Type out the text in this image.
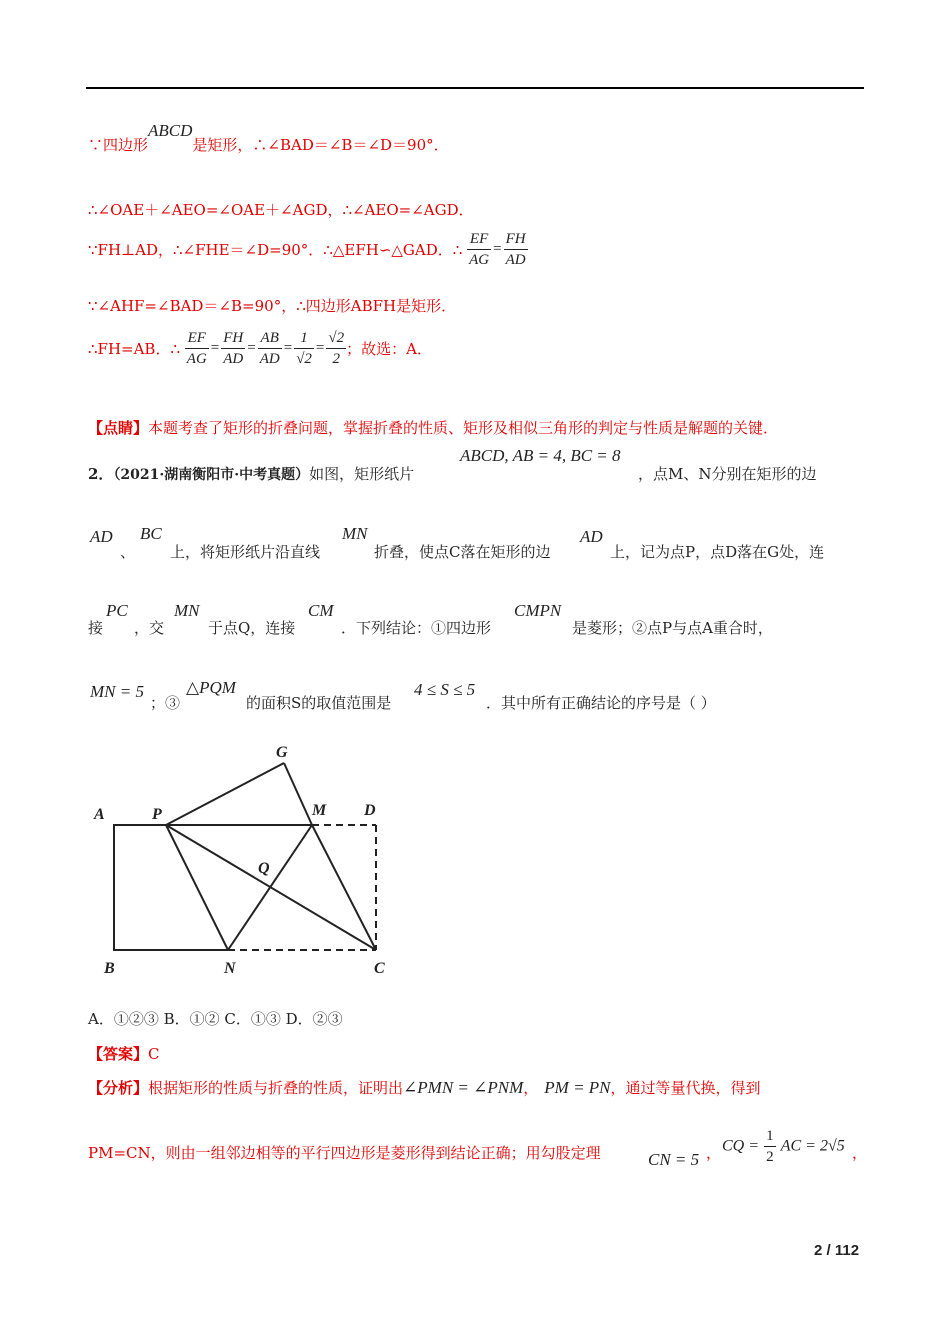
∵四边形ABCD是矩形，∴∠BAD＝∠B＝∠D＝90°．
∴∠OAE＋∠AEO=∠OAE＋∠AGD，∴∠AEO=∠AGD．
∵FH⊥AD，∴∠FHE＝∠D=90°．∴△EFH∽△GAD．∴ $\frac{EF}{AG} = \frac{FH}{AD}$
∵∠AHF=∠BAD＝∠B=90°，∴四边形ABFH是矩形．
∴FH=AB．∴ $\frac{EF}{AG} = \frac{FH}{AD} = \frac{AB}{AD} = \frac{1}{√2} = \frac{√2}{2}$ ；故选：A．
【点睛】本题考查了矩形的折叠问题，掌握折叠的性质、矩形及相似三角形的判定与性质是解题的关键．
2．（2021·湖南衡阳市·中考真题）如图，矩形纸片
ABCD, AB = 4, BC = 8
，点M、N分别在矩形的边
AD
、
BC
上，将矩形纸片沿直线
MN
折叠，使点C落在矩形的边
AD
上，记为点P，点D落在G处，连
接
PC
，交
MN
于点Q，连接
CM
．下列结论：①四边形
CMPN
是菱形；②点P与点A重合时，
MN = 5
；③
△PQM
的面积S的取值范围是
4 ≤ S ≤ 5
．其中所有正确结论的序号是（ ）
A	P
G
M D
Q
B	N	C
A．①②③ B．①② C．①③ D．②③
【答案】C
【分析】根据矩形的性质与折叠的性质，证明出∠PMN = ∠PNM， PM = PN，通过等量代换，得到
PM=CN，则由一组邻边相等的平行四边形是菱形得到结论正确；用勾股定理	CN = 5 ， CQ = $\frac{1}{2}$ AC = 2√5 ，
2 / 112
